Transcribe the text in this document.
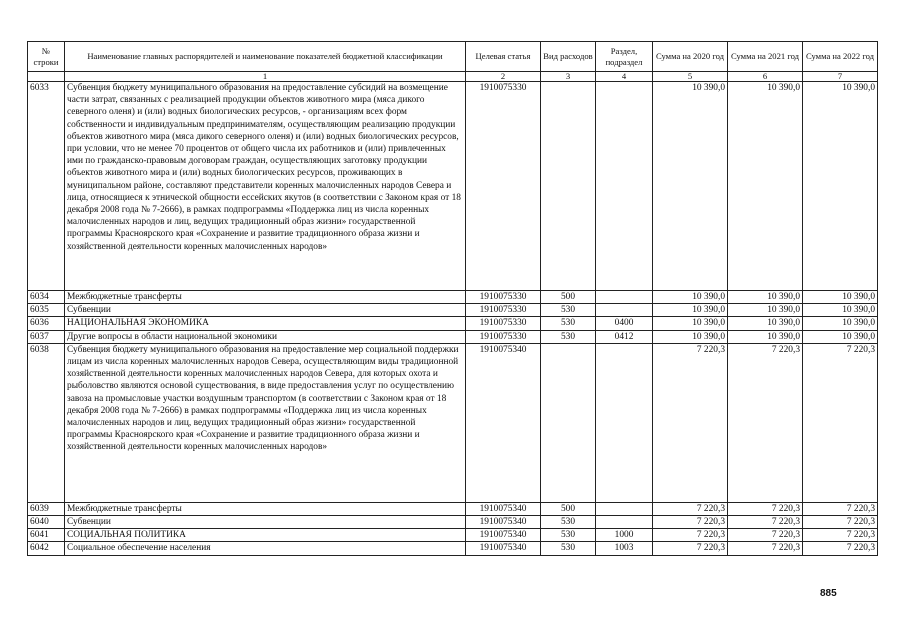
№ строки	Наименование главных распорядителей и наименование показателей бюджетной классификации	Целевая статья	Вид расходов	Раздел, подраздел	Сумма на 2020 год	Сумма на 2021 год	Сумма на 2022 год
	1	2	3	4	5	6	7
6033	Субвенция бюджету муниципального образования на предоставление субсидий на возмещение части затрат, связанных с реализацией продукции объектов животного мира (мяса дикого северного оленя) и (или) водных биологических ресурсов, - организациям всех форм собственности и индивидуальным предпринимателям, осуществляющим реализацию продукции объектов животного мира (мяса дикого северного оленя) и (или) водных биологических ресурсов, при условии, что не менее 70 процентов от общего числа их работников и (или) привлеченных ими по гражданско-правовым договорам граждан, осуществляющих заготовку продукции объектов животного мира и (или) водных биологических ресурсов, проживающих в муниципальном районе, составляют представители коренных малочисленных народов Севера и лица, относящиеся к этнической общности ессейских якутов (в соответствии с Законом края от 18 декабря 2008 года № 7-2666), в рамках подпрограммы «Поддержка лиц из числа коренных малочисленных народов и лиц, ведущих традиционный образ жизни» государственной программы Красноярского края «Сохранение и развитие традиционного образа жизни и хозяйственной деятельности коренных малочисленных народов»	1910075330			10 390,0	10 390,0	10 390,0
6034	Межбюджетные трансферты	1910075330	500		10 390,0	10 390,0	10 390,0
6035	Субвенции	1910075330	530		10 390,0	10 390,0	10 390,0
6036	НАЦИОНАЛЬНАЯ ЭКОНОМИКА	1910075330	530	0400	10 390,0	10 390,0	10 390,0
6037	Другие вопросы в области национальной экономики	1910075330	530	0412	10 390,0	10 390,0	10 390,0
6038	Субвенция бюджету муниципального образования на предоставление мер социальной поддержки лицам из числа коренных малочисленных народов Севера, осуществляющим виды традиционной хозяйственной деятельности коренных малочисленных народов Севера, для которых охота и рыболовство являются основой существования, в виде предоставления услуг по осуществлению завоза на промысловые участки воздушным транспортом (в соответствии с Законом края от 18 декабря 2008 года № 7-2666) в рамках подпрограммы «Поддержка лиц из числа коренных малочисленных народов и лиц, ведущих традиционный образ жизни» государственной программы Красноярского края «Сохранение и развитие традиционного образа жизни и хозяйственной деятельности коренных малочисленных народов»	1910075340			7 220,3	7 220,3	7 220,3
6039	Межбюджетные трансферты	1910075340	500		7 220,3	7 220,3	7 220,3
6040	Субвенции	1910075340	530		7 220,3	7 220,3	7 220,3
6041	СОЦИАЛЬНАЯ ПОЛИТИКА	1910075340	530	1000	7 220,3	7 220,3	7 220,3
6042	Социальное обеспечение населения	1910075340	530	1003	7 220,3	7 220,3	7 220,3
885
